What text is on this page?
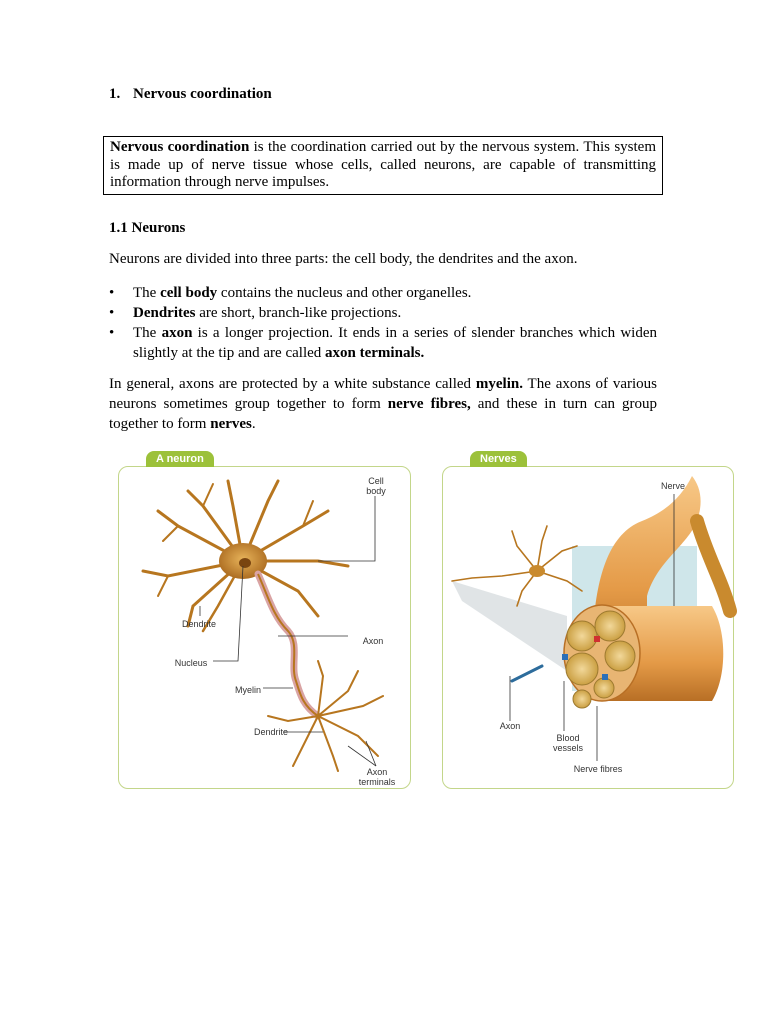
1. Nervous coordination
Nervous coordination is the coordination carried out by the nervous system. This system is made up of nerve tissue whose cells, called neurons, are capable of transmitting information through nerve impulses.
1.1 Neurons
Neurons are divided into three parts: the cell body, the dendrites and the axon.
• The cell body contains the nucleus and other organelles.
• Dendrites are short, branch-like projections.
• The axon is a longer projection. It ends in a series of slender branches which widen slightly at the tip and are called axon terminals.
In general, axons are protected by a white substance called myelin. The axons of various neurons sometimes group together to form nerve fibres, and these in turn can group together to form nerves.
A neuron
Cell
body
Dendrite
Axon
Nucleus
Myelin
Dendrite
Axon
terminals
Nerves
Nerve
Axon
Blood
vessels
Nerve fibres
